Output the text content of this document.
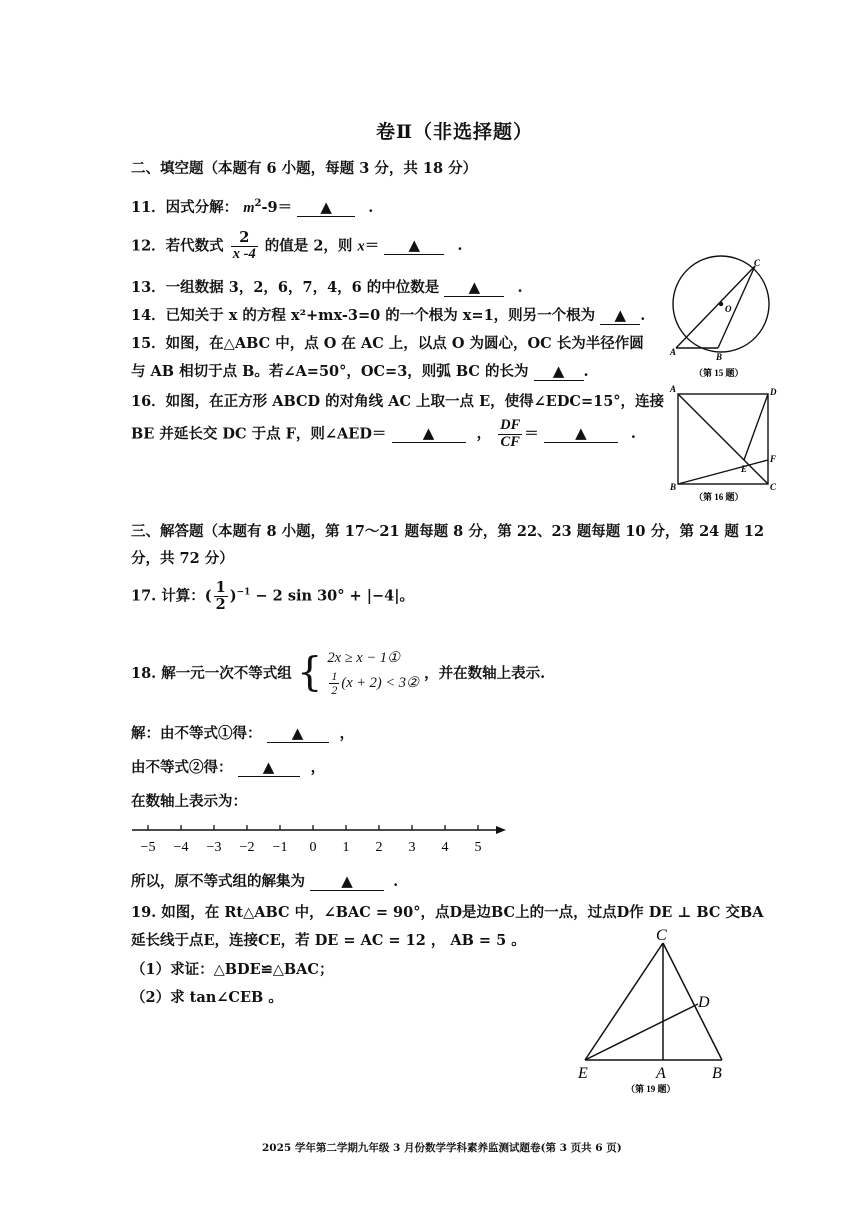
卷Ⅱ（非选择题）
二、填空题（本题有 6 小题，每题 3 分，共 18 分）
11．因式分解： $m^2-9=$ ▲	.
12．若代数式 $\frac{2}{x -4}$ 的值是 2，则 x＝ ▲	.
13．一组数据 3，2，6，7，4，6 的中位数是 ▲	.
14．已知关于 x 的方程 x²+mx-3=0 的一个根为 x=1，则另一个根为 ▲ .
15．如图，在△ABC 中，点 O 在 AC 上，以点 O 为圆心，OC 长为半径作圆
与 AB 相切于点 B。若∠A=50°，OC=3，则弧 BC 的长为 ▲ .
16．如图，在正方形 ABCD 的对角线 AC 上取一点 E，使得∠EDC=15°，连接
BE 并延长交 DC 于点 F，则∠AED＝ ▲	， $\frac{DF}{CF}$ ＝ ▲	.
A	B
C
O
（第 15 题）
A
B	C
D
E
F
（第 16 题）
三、解答题（本题有 8 小题，第 17～21 题每题 8 分，第 22、23 题每题 10 分，第 24 题 12
分，共 72 分）
17. 计算：( $\frac{1}{2} )^{-1} - 2$ sin 30° + |−4|。
18. 解一元一次不等式组 { 2x ≥ x − 1①
$\frac{1}{2} (x + 2)$ < 3②
，并在数轴上表示.
解：由不等式①得： ▲	，
由不等式②得： ▲	，
在数轴上表示为：
−5 −4 −3 −2 −1 0 1 2 3 4 5
所以，原不等式组的解集为 ▲	.
19. 如图，在 Rt△ABC 中，∠BAC = 90°，点D是边BC上的一点，过点D作 DE ⊥ BC 交BA
延长线于点E，连接CE，若 DE = AC = 12 ， AB = 5 。
（1）求证：△BDE≌△BAC；
（2）求 tan∠CEB 。
C
D
E	A	B
（第 19 题）
2025 学年第二学期九年级 3 月份数学学科素养监测试题卷(第 3 页共 6 页)
